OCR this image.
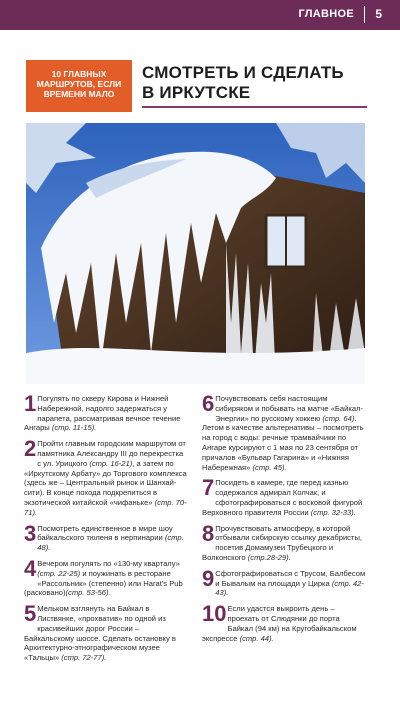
ГЛАВНОЕ 5
10 ГЛАВНЫХ МАРШРУТОВ, ЕСЛИ ВРЕМЕНИ МАЛО
СМОТРЕТЬ И СДЕЛАТЬ
В ИРКУТСКЕ
1 Погулять по скверу Кирова и Нижней Набережной, надолго задержаться у парапета, рассматривая вечное течение Ангары (стр. 11-15).
2 Пройти главным городским маршрутом от памятника Александру III до перекрестка с ул. Урицкого (стр. 16-21), а затем по «Иркутскому Арбату» до Торгового комплекса (здесь же – Центральный рынок и Шанхай-сити). В конце похода подкрепиться в экзотической китайской «чифаньке» (стр. 70-71).
3 Посмотреть единственное в мире шоу байкальского тюленя в нерпинарии (стр. 48).
4 Вечером погулять по «130-му кварталу» (стр. 22-25) и поужинать в ресторане «Рассольник» (степенно) или Harat's Pub (расковано)(стр. 53-56).
5 Мельком взглянуть на Байкал в Листвянке, «прохватив» по одной из красивейших дорог России – Байкальскому шоссе. Сделать остановку в Архитектурно-этнографическом музее «Тальцы» (стр. 72-77).
6 Почувствовать себя настоящим сибиряком и побывать на матче «Байкал-Энергии» по русскому хоккею (стр. 64). Летом в качестве альтернативы – посмотреть на город с воды: речные трамвайчики по Ангаре курсируют с 1 мая по 23 сентября от причалов «Бульвар Гагарина» и «Нижняя Набережная» (стр. 45).
7 Посидеть в камере, где перед казнью содержался адмирал Колчак, и сфотографироваться с восковой фигурой Верховного правителя России (стр. 32-33).
8 Прочувствовать атмосферу, в которой отбывали сибирскую ссылку декабристы, посетив Домамузеи Трубецкого и Волконского (стр.28-29).
9 Сфотографироваться с Трусом, Балбесом и Бывалым на площади у Цирка (стр. 42-43).
10 Если удастся выкроить день – проехать от Слюдянки до порта Байкал (94 км) на Кругобайкальском экспрессе (стр. 44).
